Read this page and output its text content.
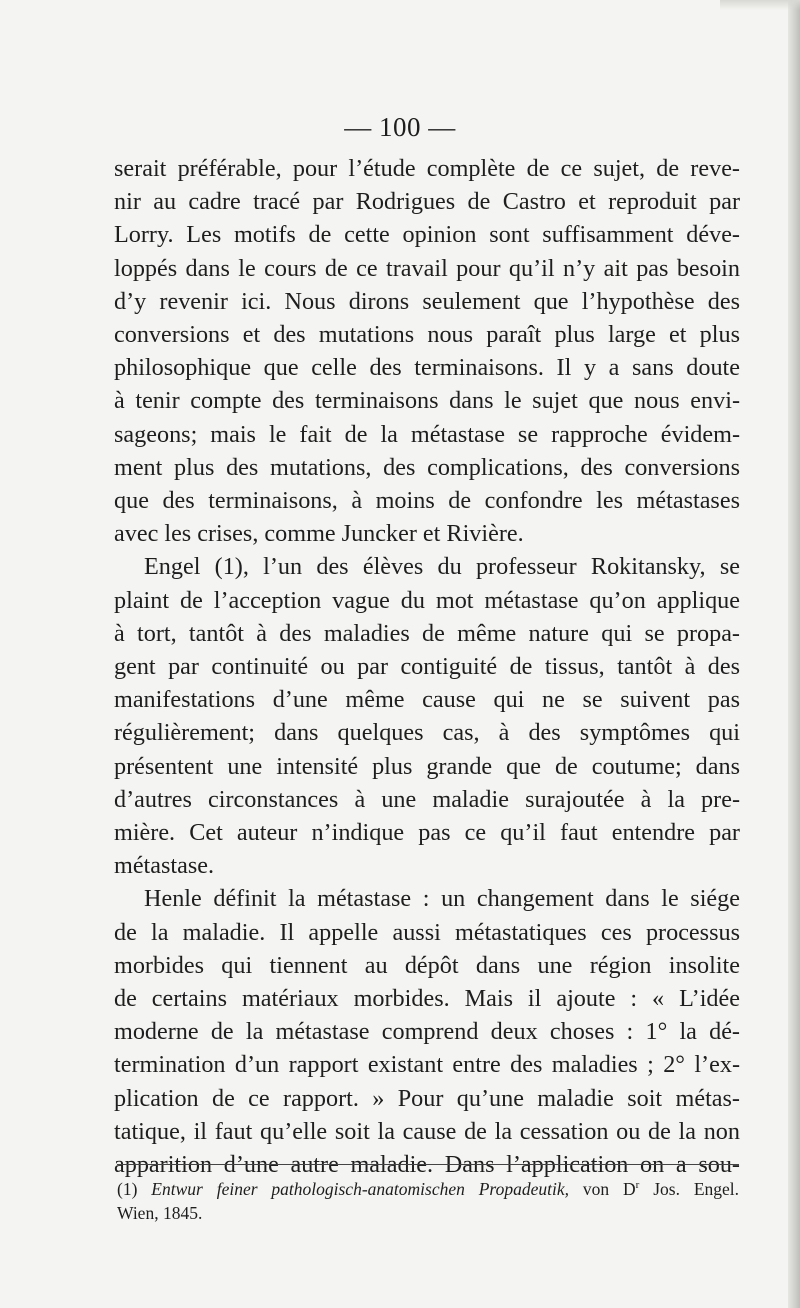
— 100 —
serait préférable, pour l’étude complète de ce sujet, de reve-
nir au cadre tracé par Rodrigues de Castro et reproduit par
Lorry. Les motifs de cette opinion sont suffisamment déve-
loppés dans le cours de ce travail pour qu’il n’y ait pas besoin
d’y revenir ici. Nous dirons seulement que l’hypothèse des
conversions et des mutations nous paraît plus large et plus
philosophique que celle des terminaisons. Il y a sans doute
à tenir compte des terminaisons dans le sujet que nous envi-
sageons; mais le fait de la métastase se rapproche évidem-
ment plus des mutations, des complications, des conversions
que des terminaisons, à moins de confondre les métastases
avec les crises, comme Juncker et Rivière.
Engel (1), l’un des élèves du professeur Rokitansky, se
plaint de l’acception vague du mot métastase qu’on applique
à tort, tantôt à des maladies de même nature qui se propa-
gent par continuité ou par contiguité de tissus, tantôt à des
manifestations d’une même cause qui ne se suivent pas
régulièrement; dans quelques cas, à des symptômes qui
présentent une intensité plus grande que de coutume; dans
d’autres circonstances à une maladie surajoutée à la pre-
mière. Cet auteur n’indique pas ce qu’il faut entendre par
métastase.
Henle définit la métastase : un changement dans le siége
de la maladie. Il appelle aussi métastatiques ces processus
morbides qui tiennent au dépôt dans une région insolite
de certains matériaux morbides. Mais il ajoute : « L’idée
moderne de la métastase comprend deux choses : 1° la dé-
termination d’un rapport existant entre des maladies ; 2° l’ex-
plication de ce rapport. » Pour qu’une maladie soit métas-
tatique, il faut qu’elle soit la cause de la cessation ou de la non
apparition d’une autre maladie. Dans l’application on a sou-
(1) Entwur feiner pathologisch-anatomischen Propadeutik, von $D^r$ Jos. Engel.
Wien, 1845.
